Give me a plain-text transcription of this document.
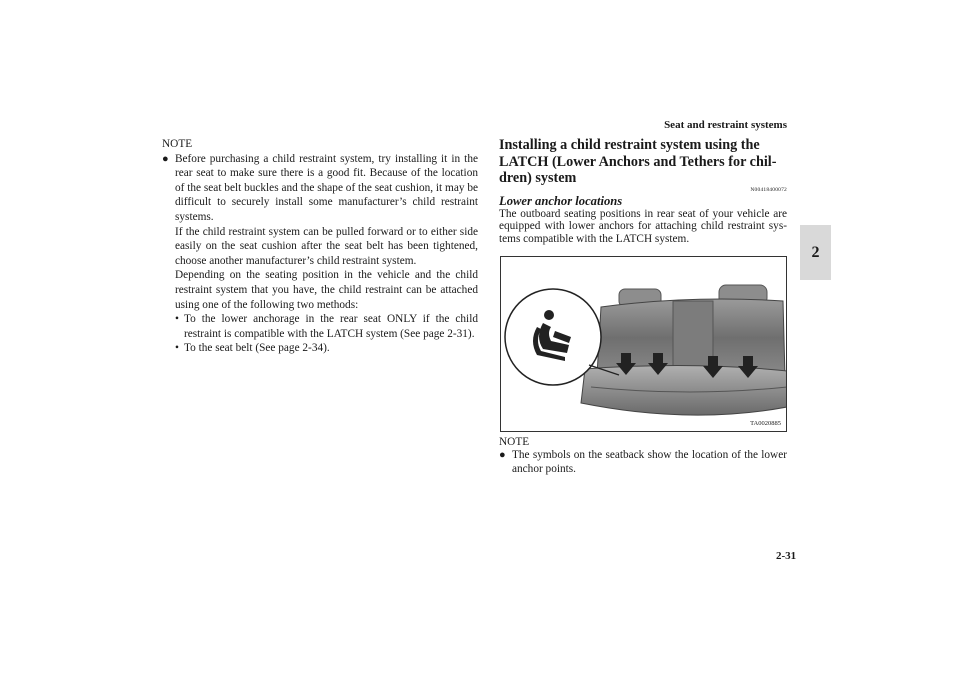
Seat and restraint systems
2
NOTE
● Before purchasing a child restraint system, try installing it in the rear seat to make sure there is a good fit. Because of the location of the seat belt buckles and the shape of the seat cushion, it may be difficult to securely install some manufacturer’s child restraint systems.

If the child restraint system can be pulled forward or to either side easily on the seat cushion after the seat belt has been tightened, choose another manufacturer’s child restraint system.

Depending on the seating position in the vehicle and the child restraint system that you have, the child restraint can be attached using one of the following two methods:

• To the lower anchorage in the rear seat ONLY if the child restraint is compatible with the LATCH system (See page 2-31).

• To the seat belt (See page 2-34).

Installing a child restraint system using the LATCH (Lower Anchors and Tethers for chil-dren) system
N00418400072
Lower anchor locations

The outboard seating positions in rear seat of your vehicle are equipped with lower anchors for attaching child restraint sys-tems compatible with the LATCH system.

TA0020885
NOTE
● The symbols on the seatback show the location of the lower anchor points.

2-31
